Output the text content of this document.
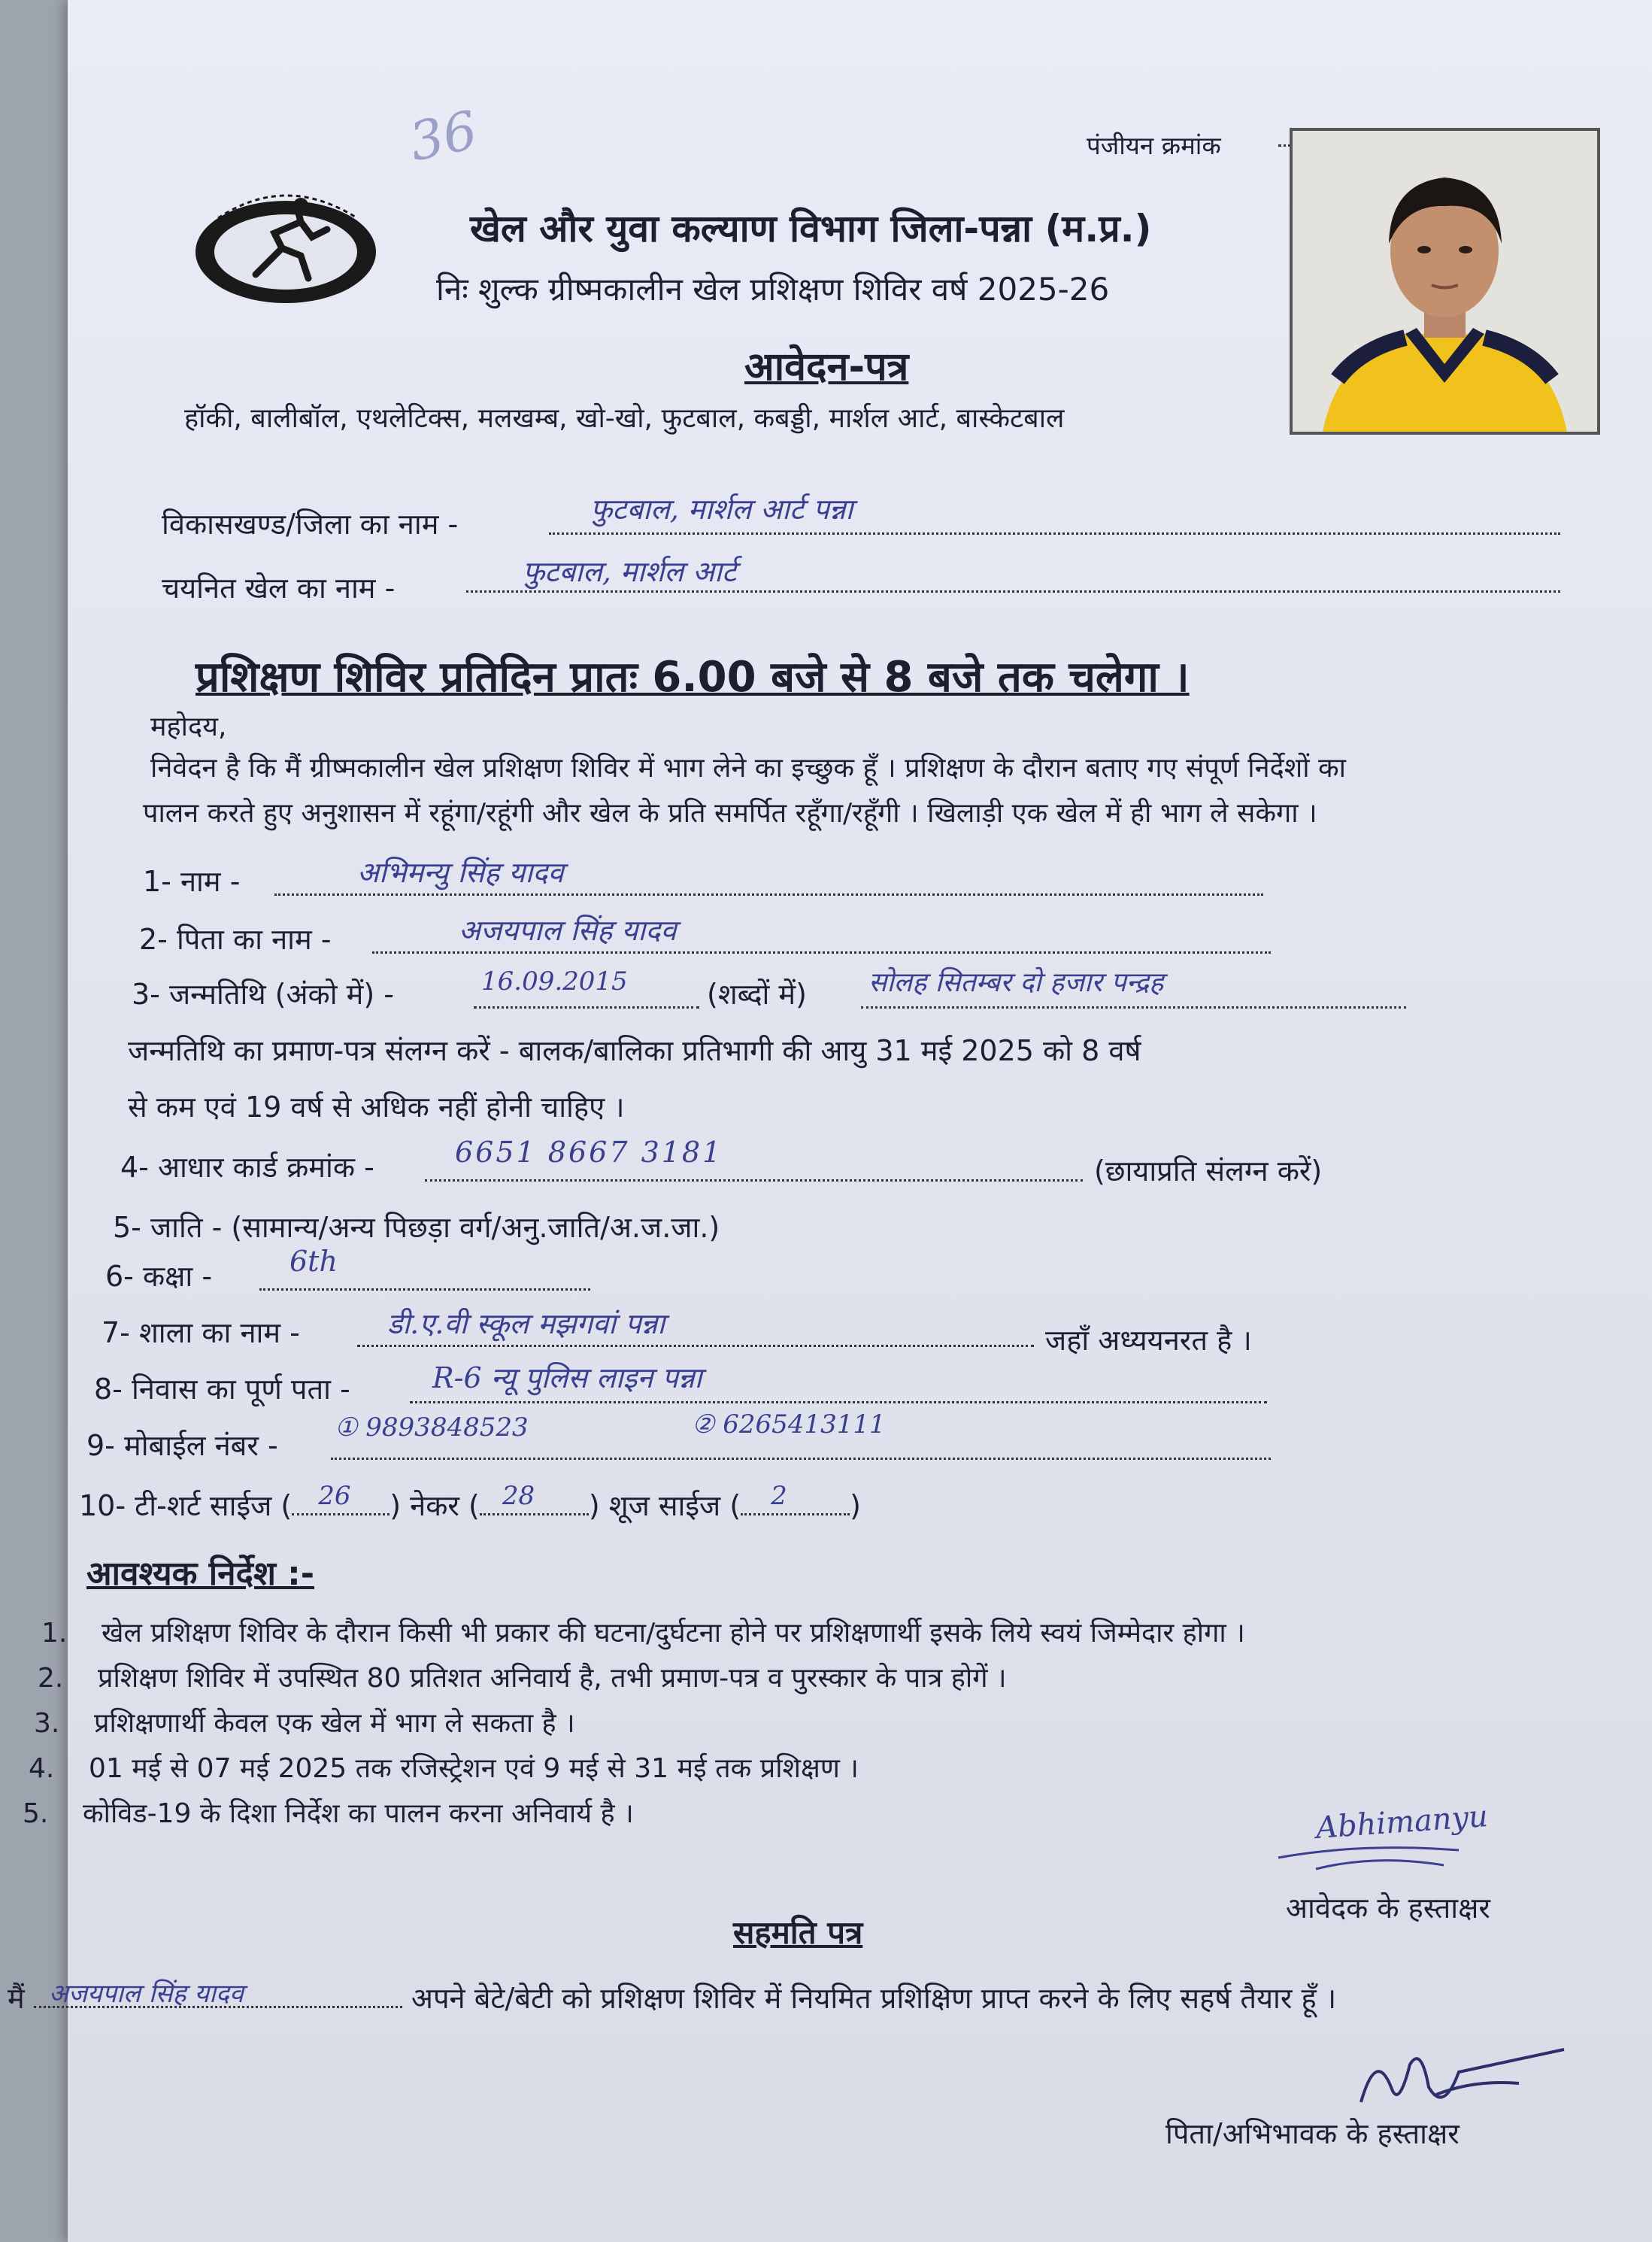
36	पंजीयन क्रमांक
खेल और युवा कल्याण विभाग जिला-पन्ना (म.प्र.)
निः शुल्क ग्रीष्मकालीन खेल प्रशिक्षण शिविर वर्ष 2025-26
आवेदन-पत्र
हॉकी, बालीबॉल, एथलेटिक्स, मलखम्ब, खो-खो, फुटबाल, कबड्डी, मार्शल आर्ट, बास्केटबाल
विकासखण्ड/जिला का नाम -	फुटबाल, मार्शल आर्ट पन्ना
चयनित खेल का नाम -	फुटबाल, मार्शल आर्ट
प्रशिक्षण शिविर प्रतिदिन प्रातः 6.00 बजे से 8 बजे तक चलेगा ।
महोदय,
निवेदन है कि मैं ग्रीष्मकालीन खेल प्रशिक्षण शिविर में भाग लेने का इच्छुक हूँ । प्रशिक्षण के दौरान बताए गए संपूर्ण निर्देशों का
पालन करते हुए अनुशासन में रहूंगा/रहूंगी और खेल के प्रति समर्पित रहूँगा/रहूँगी । खिलाड़ी एक खेल में ही भाग ले सकेगा ।
1- नाम -	अभिमन्यु सिंह यादव
2- पिता का नाम -	अजयपाल सिंह यादव
3- जन्मतिथि (अंको में) -	16.09.2015	(शब्दों में) सोलह सितम्बर दो हजार पन्द्रह
जन्मतिथि का प्रमाण-पत्र संलग्न करें - बालक/बालिका प्रतिभागी की आयु 31 मई 2025 को 8 वर्ष
से कम एवं 19 वर्ष से अधिक नहीं होनी चाहिए ।
4- आधार कार्ड क्रमांक -	6651 8667 3181
(छायाप्रति संलग्न करें)
5- जाति - (सामान्य/अन्य पिछड़ा वर्ग/अनु.जाति/अ.ज.जा.)
6- कक्षा -	6th
7- शाला का नाम -	डी.ए.वी स्कूल मझगवां पन्ना	जहाँ अध्ययनरत है ।
8- निवास का पूर्ण पता -	R-6 न्यू पुलिस लाइन पन्ना
9- मोबाईल नंबर -
① 9893848523	② 6265413111
10- टी-शर्ट साईज ( 26 ) नेकर ( 28 ) शूज साईज ( 2 )
आवश्यक निर्देश :-
1. खेल प्रशिक्षण शिविर के दौरान किसी भी प्रकार की घटना/दुर्घटना होने पर प्रशिक्षणार्थी इसके लिये स्वयं जिम्मेदार होगा ।
2. प्रशिक्षण शिविर में उपस्थित 80 प्रतिशत अनिवार्य है, तभी प्रमाण-पत्र व पुरस्कार के पात्र होगें ।
3. प्रशिक्षणार्थी केवल एक खेल में भाग ले सकता है ।
4. 01 मई से 07 मई 2025 तक रजिस्ट्रेशन एवं 9 मई से 31 मई तक प्रशिक्षण ।
5. कोविड-19 के दिशा निर्देश का पालन करना अनिवार्य है ।	Abhimanyu
आवेदक के हस्ताक्षर
सहमति पत्र
मैं अजयपाल सिंह यादव	अपने बेटे/बेटी को प्रशिक्षण शिविर में नियमित प्रशिक्षिण प्राप्त करने के लिए सहर्ष तैयार हूँ ।
पिता/अभिभावक के हस्ताक्षर
